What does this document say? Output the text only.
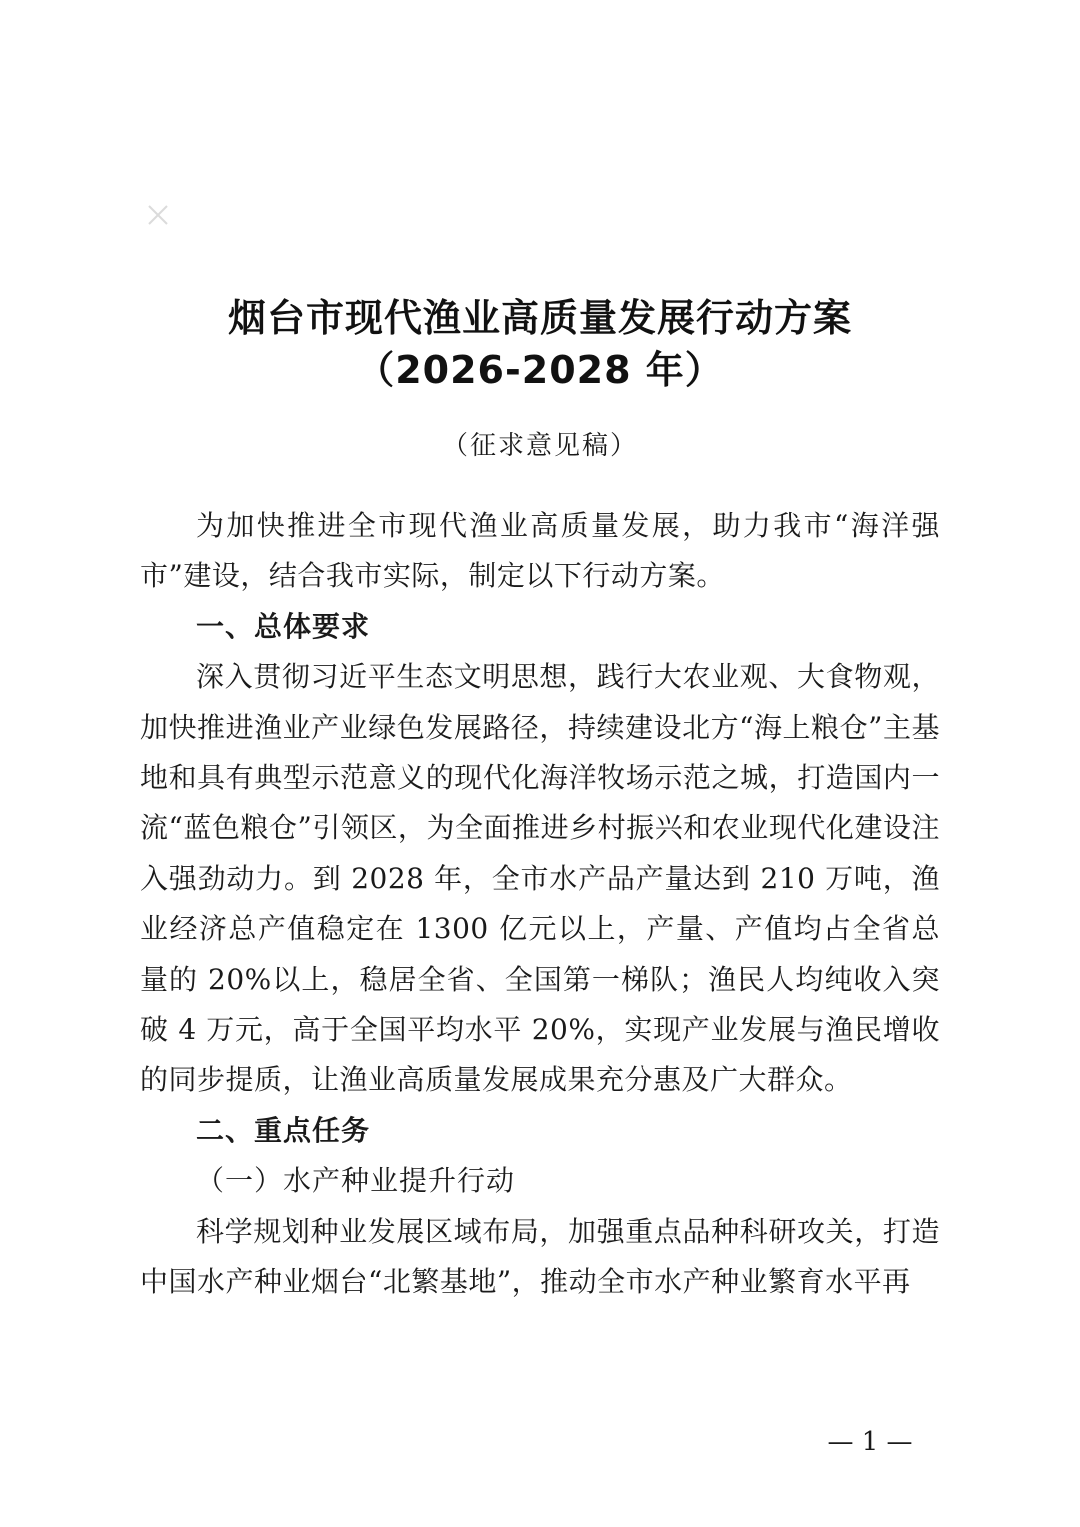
烟台市现代渔业高质量发展行动方案
（2026-2028 年）
（征求意见稿）

为加快推进全市现代渔业高质量发展，助力我市“海洋强市”建设，结合我市实际，制定以下行动方案。

一、总体要求

深入贯彻习近平生态文明思想，践行大农业观、大食物观，加快推进渔业产业绿色发展路径，持续建设北方“海上粮仓”主基地和具有典型示范意义的现代化海洋牧场示范之城，打造国内一流“蓝色粮仓”引领区，为全面推进乡村振兴和农业现代化建设注入强劲动力。到 2028 年，全市水产品产量达到 210 万吨，渔业经济总产值稳定在 1300 亿元以上，产量、产值均占全省总量的 20%以上，稳居全省、全国第一梯队；渔民人均纯收入突破 4 万元，高于全国平均水平 20%，实现产业发展与渔民增收的同步提质，让渔业高质量发展成果充分惠及广大群众。

二、重点任务

（一）水产种业提升行动

科学规划种业发展区域布局，加强重点品种科研攻关，打造中国水产种业烟台“北繁基地”，推动全市水产种业繁育水平再

— 1 —
